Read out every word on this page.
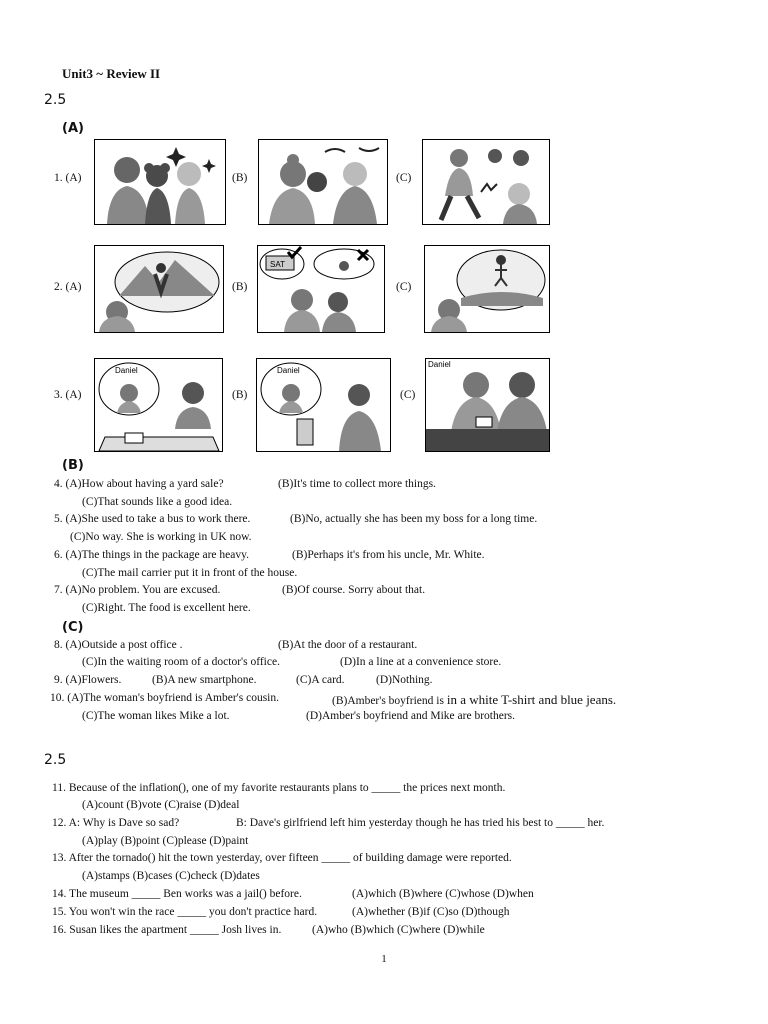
Unit3 ~ Review II
2.5
(A)
1. (A)	(B)	(C)
2. (A)	(B)
SAT
(C)
3. (A)
Daniel
(B)
Daniel
(C)
Daniel
(B)
4. (A)How about having a yard sale?	(B)It's time to collect more things.
(C)That sounds like a good idea.
5. (A)She used to take a bus to work there.	(B)No, actually she has been my boss for a long time.
(C)No way. She is working in UK now.
6. (A)The things in the package are heavy.	(B)Perhaps it's from his uncle, Mr. White.
(C)The mail carrier put it in front of the house.
7. (A)No problem. You are excused.	(B)Of course. Sorry about that.
(C)Right. The food is excellent here.
(C)
8. (A)Outside a post office .	(B)At the door of a restaurant.
(C)In the waiting room of a doctor's office.	(D)In a line at a convenience store.
9. (A)Flowers.	(B)A new smartphone.	(C)A card.	(D)Nothing.
10. (A)The woman's boyfriend is Amber's cousin.	(B)Amber's boyfriend is in a white T-shirt and blue jeans.
(C)The woman likes Mike a lot.	(D)Amber's boyfriend and Mike are brothers.
2.5
11. Because of the inflation(), one of my favorite restaurants plans to _____ the prices next month.
(A)count (B)vote (C)raise (D)deal
12. A: Why is Dave so sad?	B: Dave's girlfriend left him yesterday though he has tried his best to _____ her.
(A)play (B)point (C)please (D)paint
13. After the tornado() hit the town yesterday, over fifteen _____ of building damage were reported.
(A)stamps (B)cases (C)check (D)dates
14. The museum _____ Ben works was a jail() before.	(A)which (B)where (C)whose (D)when
15. You won't win the race _____ you don't practice hard.	(A)whether (B)if (C)so (D)though
16. Susan likes the apartment _____ Josh lives in.	(A)who (B)which (C)where (D)while
1
